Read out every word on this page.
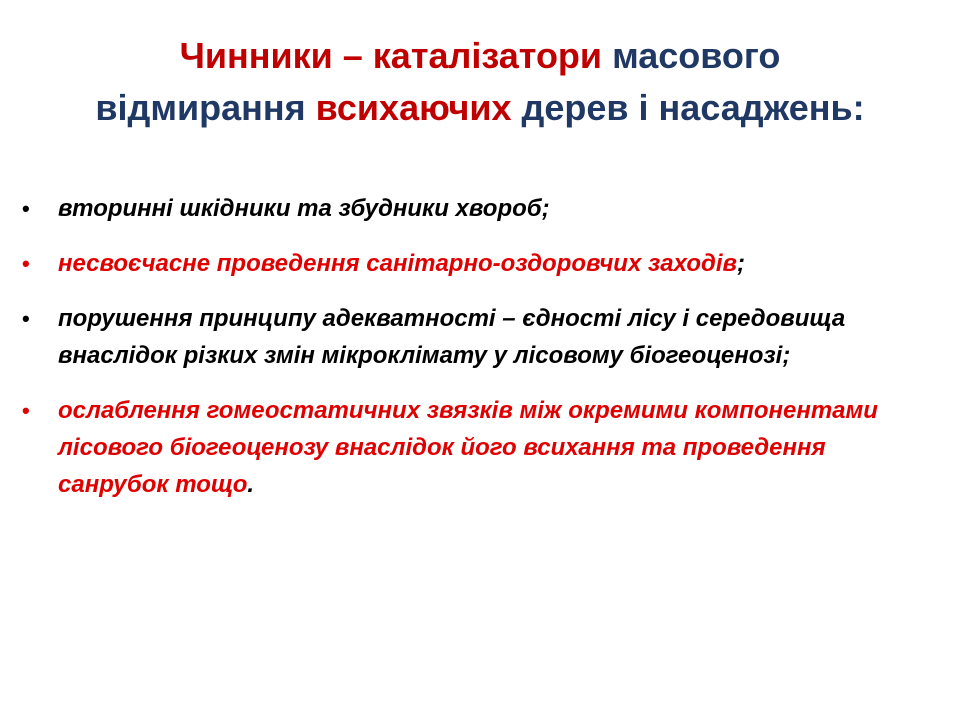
Чинники – каталізатори масового
відмирання всихаючих дерев і насаджень:
• вторинні шкідники та збудники хвороб;
• несвоєчасне проведення санітарно-оздоровчих заходів;
• порушення принципу адекватності – єдності лісу і середовища внаслідок різких змін мікроклімату у лісовому біогеоценозі;
• ослаблення гомеостатичних звязків між окремими компонентами лісового біогеоценозу внаслідок його всихання та проведення санрубок тощо.
